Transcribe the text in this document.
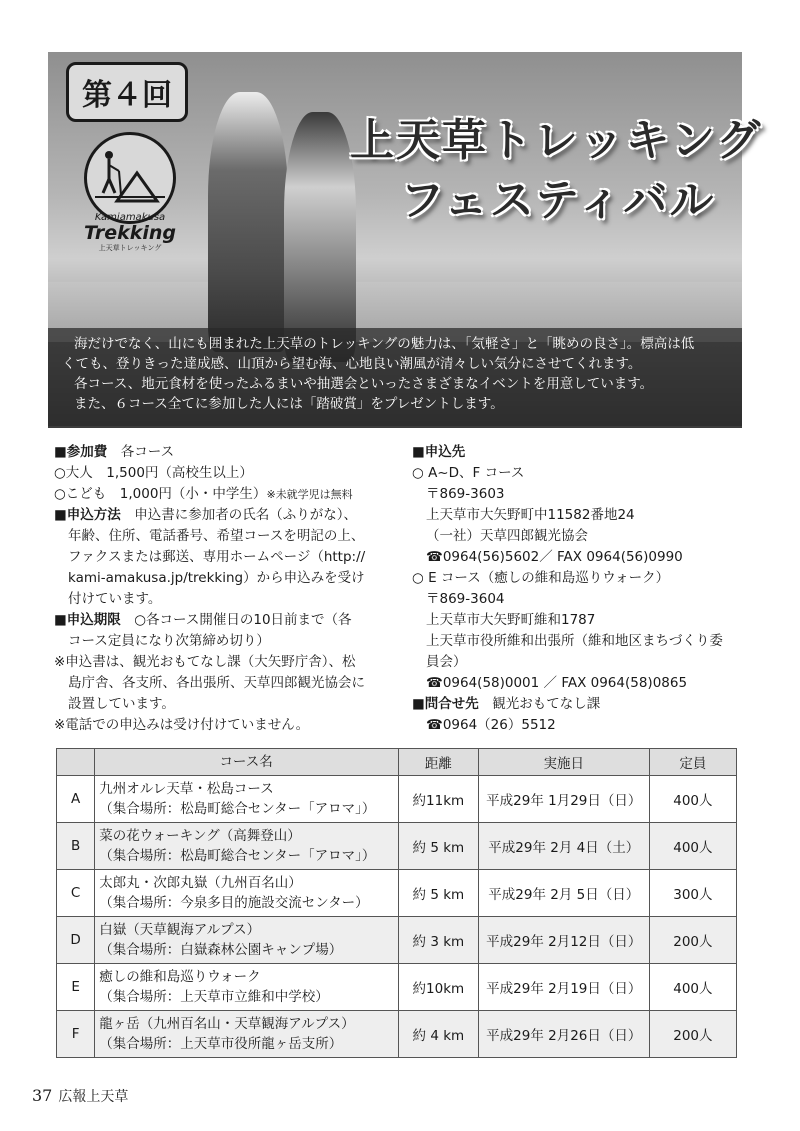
第４回
Kamiamakusa
Trekking
上天草トレッキング
上天草トレッキング
フェスティバル

海だけでなく、山にも囲まれた上天草のトレッキングの魅力は、「気軽さ」と「眺めの良さ」。標高は低

くても、登りきった達成感、山頂から望む海、心地良い潮風が清々しい気分にさせてくれます。

各コース、地元食材を使ったふるまいや抽選会といったさまざまなイベントを用意しています。

また、６コース全てに参加した人には「踏破賞」をプレゼントします。

■参加費　 各コース

○大人　1,500円（高校生以上）

○こども　1,000円（小・中学生）※未就学児は無料

■申込方法　 申込書に参加者の氏名（ふりがな）、

年齢、住所、電話番号、希望コースを明記の上、

ファクスまたは郵送、専用ホームページ（http://

kami-amakusa.jp/trekking）から申込みを受け

付けています。

■申込期限　 ○各コース開催日の10日前まで（各

コース定員になり次第締め切り）

※申込書は、観光おもてなし課（大矢野庁舎）、松

島庁舎、各支所、各出張所、天草四郎観光協会に

設置しています。

※電話での申込みは受け付けていません。

■申込先

○ A~D、F コース

〒869-3603

上天草市大矢野町中11582番地24

（一社）天草四郎観光協会

☎0964(56)5602／ FAX 0964(56)0990

○ E コース（癒しの維和島巡りウォーク）

〒869-3604

上天草市大矢野町維和1787

上天草市役所維和出張所（維和地区まちづくり委

員会）

☎0964(58)0001 ／ FAX 0964(58)0865

■問合せ先　 観光おもてなし課

☎0964（26）5512

	コース名	距離	実施日	定員
A	九州オルレ天草・松島コース
（集合場所：松島町総合センター「アロマ」）	約11km	平成29年 1月29日（日）	400人
B	菜の花ウォーキング（高舞登山）
（集合場所：松島町総合センター「アロマ」）	約 5 km	平成29年 2月 4日（土）	400人
C	太郎丸・次郎丸嶽（九州百名山）
（集合場所：今泉多目的施設交流センター）	約 5 km	平成29年 2月 5日（日）	300人
D	白嶽（天草観海アルプス）
（集合場所：白嶽森林公園キャンプ場）	約 3 km	平成29年 2月12日（日）	200人
E	癒しの維和島巡りウォーク
（集合場所：上天草市立維和中学校）	約10km	平成29年 2月19日（日）	400人
F	龍ヶ岳（九州百名山・天草観海アルプス）
（集合場所：上天草市役所龍ヶ岳支所）	約 4 km	平成29年 2月26日（日）	200人
37 広報上天草
